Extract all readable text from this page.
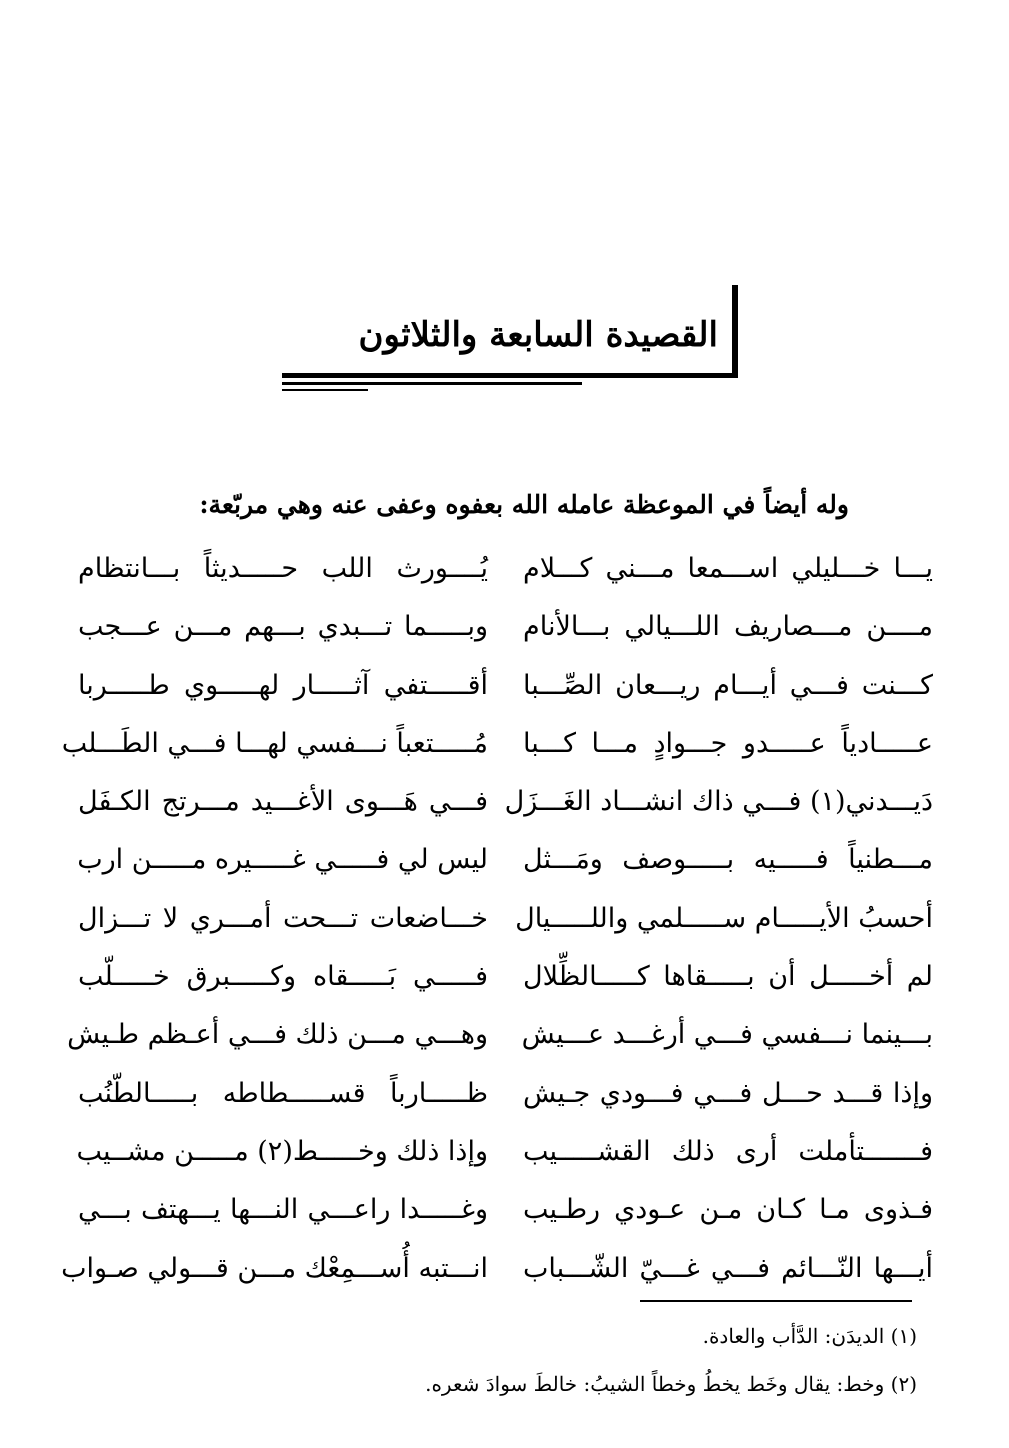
القصيدة السابعة والثلاثون
وله أيضاً في الموعظة عامله الله بعفوه وعفى عنه وهي مربّعة:
يـــا خـــليلي اســـمعا مـــني كـــلام
يُــــورث اللب حـــــديثاً بـــانتظام
مــــن مـــصاريف اللـــيالي بـــالأنام
وبـــــما تـــبدي بـــهم مـــن عـــجب
كـــنت فـــي أيـــام ريـــعان الصِّـــبا
أقـــــتفي آثـــــار لهـــــوي طـــــربا
عـــــادياً عـــــدو جـــوادٍ مـــا كـــبا
مُـــــتعباً نـــفسي لهـــا فـــي الطَـــلب
دَيـــدني(١) فـــي ذاك انشـــاد الغَـــزَل
فـــي هَـــوى الأغـــيد مـــرتج الكـفَل
مـــطنياً فـــــيه بـــــوصف ومَـــثل
ليس لي فـــــي غـــــيره مـــــن ارب
أحسبُ الأيـــــام ســـــلمي واللـــــيال
خـــاضعات تـــحت أمـــري لا تـــزال
لم أخـــــل أن بـــــقاها كـــــالظِّلال
فـــــي بَـــــقاه وكـــــبرق خـــــلّب
بـــينما نـــفسي فـــي أرغـــد عـــيش
وهـــي مـــن ذلك فـــي أعـظم طـيش
وإذا قـــد حـــل فـــي فـــودي جـيش
ظـــــارباً قســـــطاطه بـــــالطّنُب
فـــــــتأملت أرى ذلك القشـــــيب
وإذا ذلك وخـــــط(٢) مـــــن مشــيب
فـذوى مـا كـان مـن عـودي رطـيب
وغـــــدا راعـــي النـــها يـــهتف بـــي
أيـــها النّـــائم فـــي غـــيّ الشّـــباب
انـــتبه أُســـمِعْك مـــن قـــولي صـواب
(١) الديدَن: الدَّأب والعادة.
(٢) وخط: يقال وخَط يخطُ وخطاً الشيبُ: خالطَ سوادَ شعره.
